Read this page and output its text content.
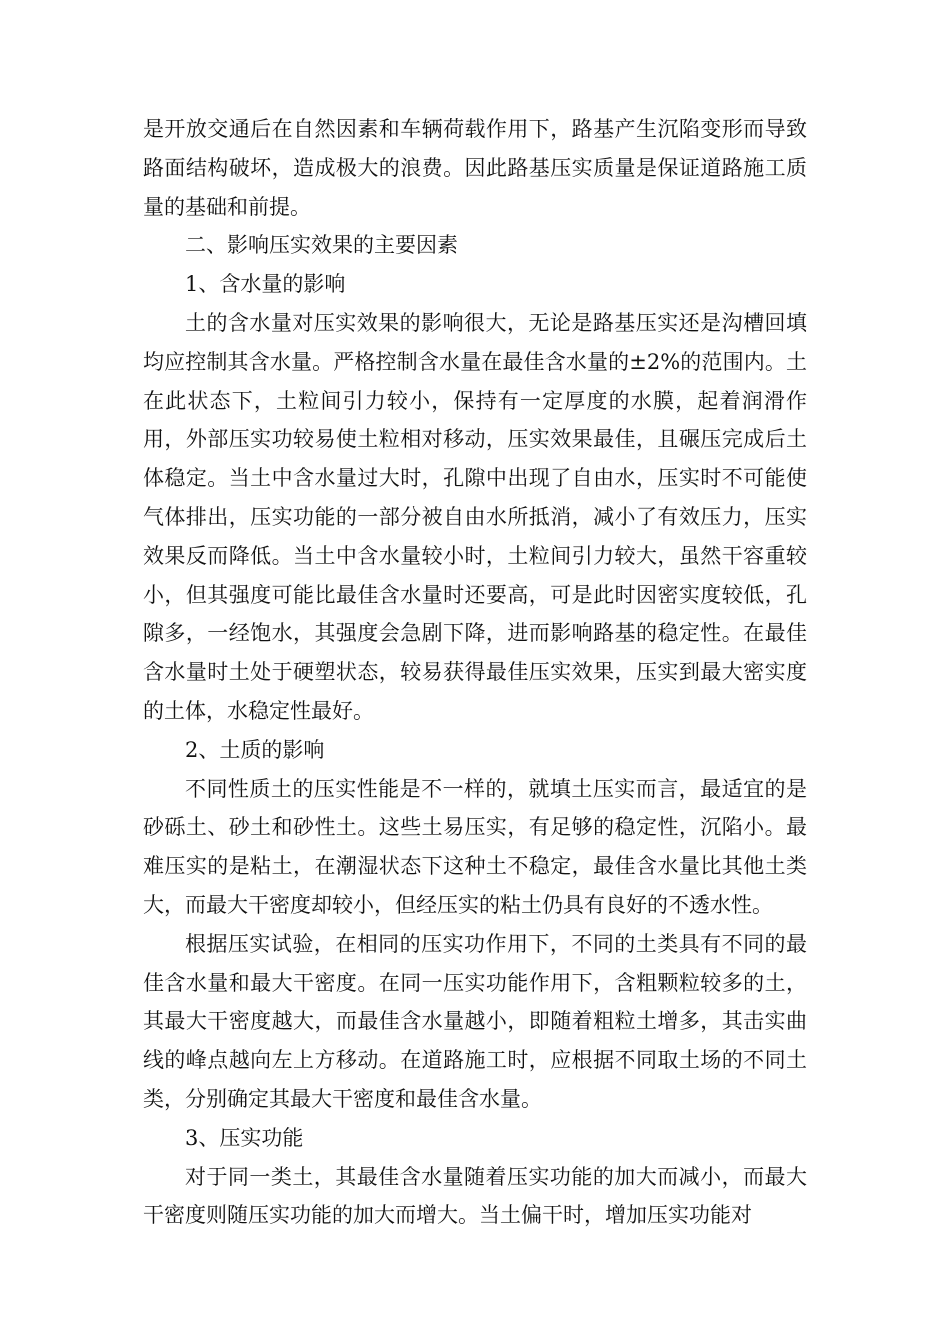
是开放交通后在自然因素和车辆荷载作用下，路基产生沉陷变形而导致路面结构破坏，造成极大的浪费。因此路基压实质量是保证道路施工质量的基础和前提。

二、影响压实效果的主要因素

1、含水量的影响

土的含水量对压实效果的影响很大，无论是路基压实还是沟槽回填均应控制其含水量。严格控制含水量在最佳含水量的±2%的范围内。土在此状态下，土粒间引力较小，保持有一定厚度的水膜，起着润滑作用，外部压实功较易使土粒相对移动，压实效果最佳，且碾压完成后土体稳定。当土中含水量过大时，孔隙中出现了自由水，压实时不可能使气体排出，压实功能的一部分被自由水所抵消，减小了有效压力，压实效果反而降低。当土中含水量较小时，土粒间引力较大，虽然干容重较小，但其强度可能比最佳含水量时还要高，可是此时因密实度较低，孔隙多，一经饱水，其强度会急剧下降，进而影响路基的稳定性。在最佳含水量时土处于硬塑状态，较易获得最佳压实效果，压实到最大密实度的土体，水稳定性最好。

2、土质的影响

不同性质土的压实性能是不一样的，就填土压实而言，最适宜的是砂砾土、砂土和砂性土。这些土易压实，有足够的稳定性，沉陷小。最难压实的是粘土，在潮湿状态下这种土不稳定，最佳含水量比其他土类大，而最大干密度却较小，但经压实的粘土仍具有良好的不透水性。

根据压实试验，在相同的压实功作用下，不同的土类具有不同的最佳含水量和最大干密度。在同一压实功能作用下，含粗颗粒较多的土，其最大干密度越大，而最佳含水量越小，即随着粗粒土增多，其击实曲线的峰点越向左上方移动。在道路施工时，应根据不同取土场的不同土类，分别确定其最大干密度和最佳含水量。

3、压实功能

对于同一类土，其最佳含水量随着压实功能的加大而减小，而最大干密度则随压实功能的加大而增大。当土偏干时，增加压实功能对
